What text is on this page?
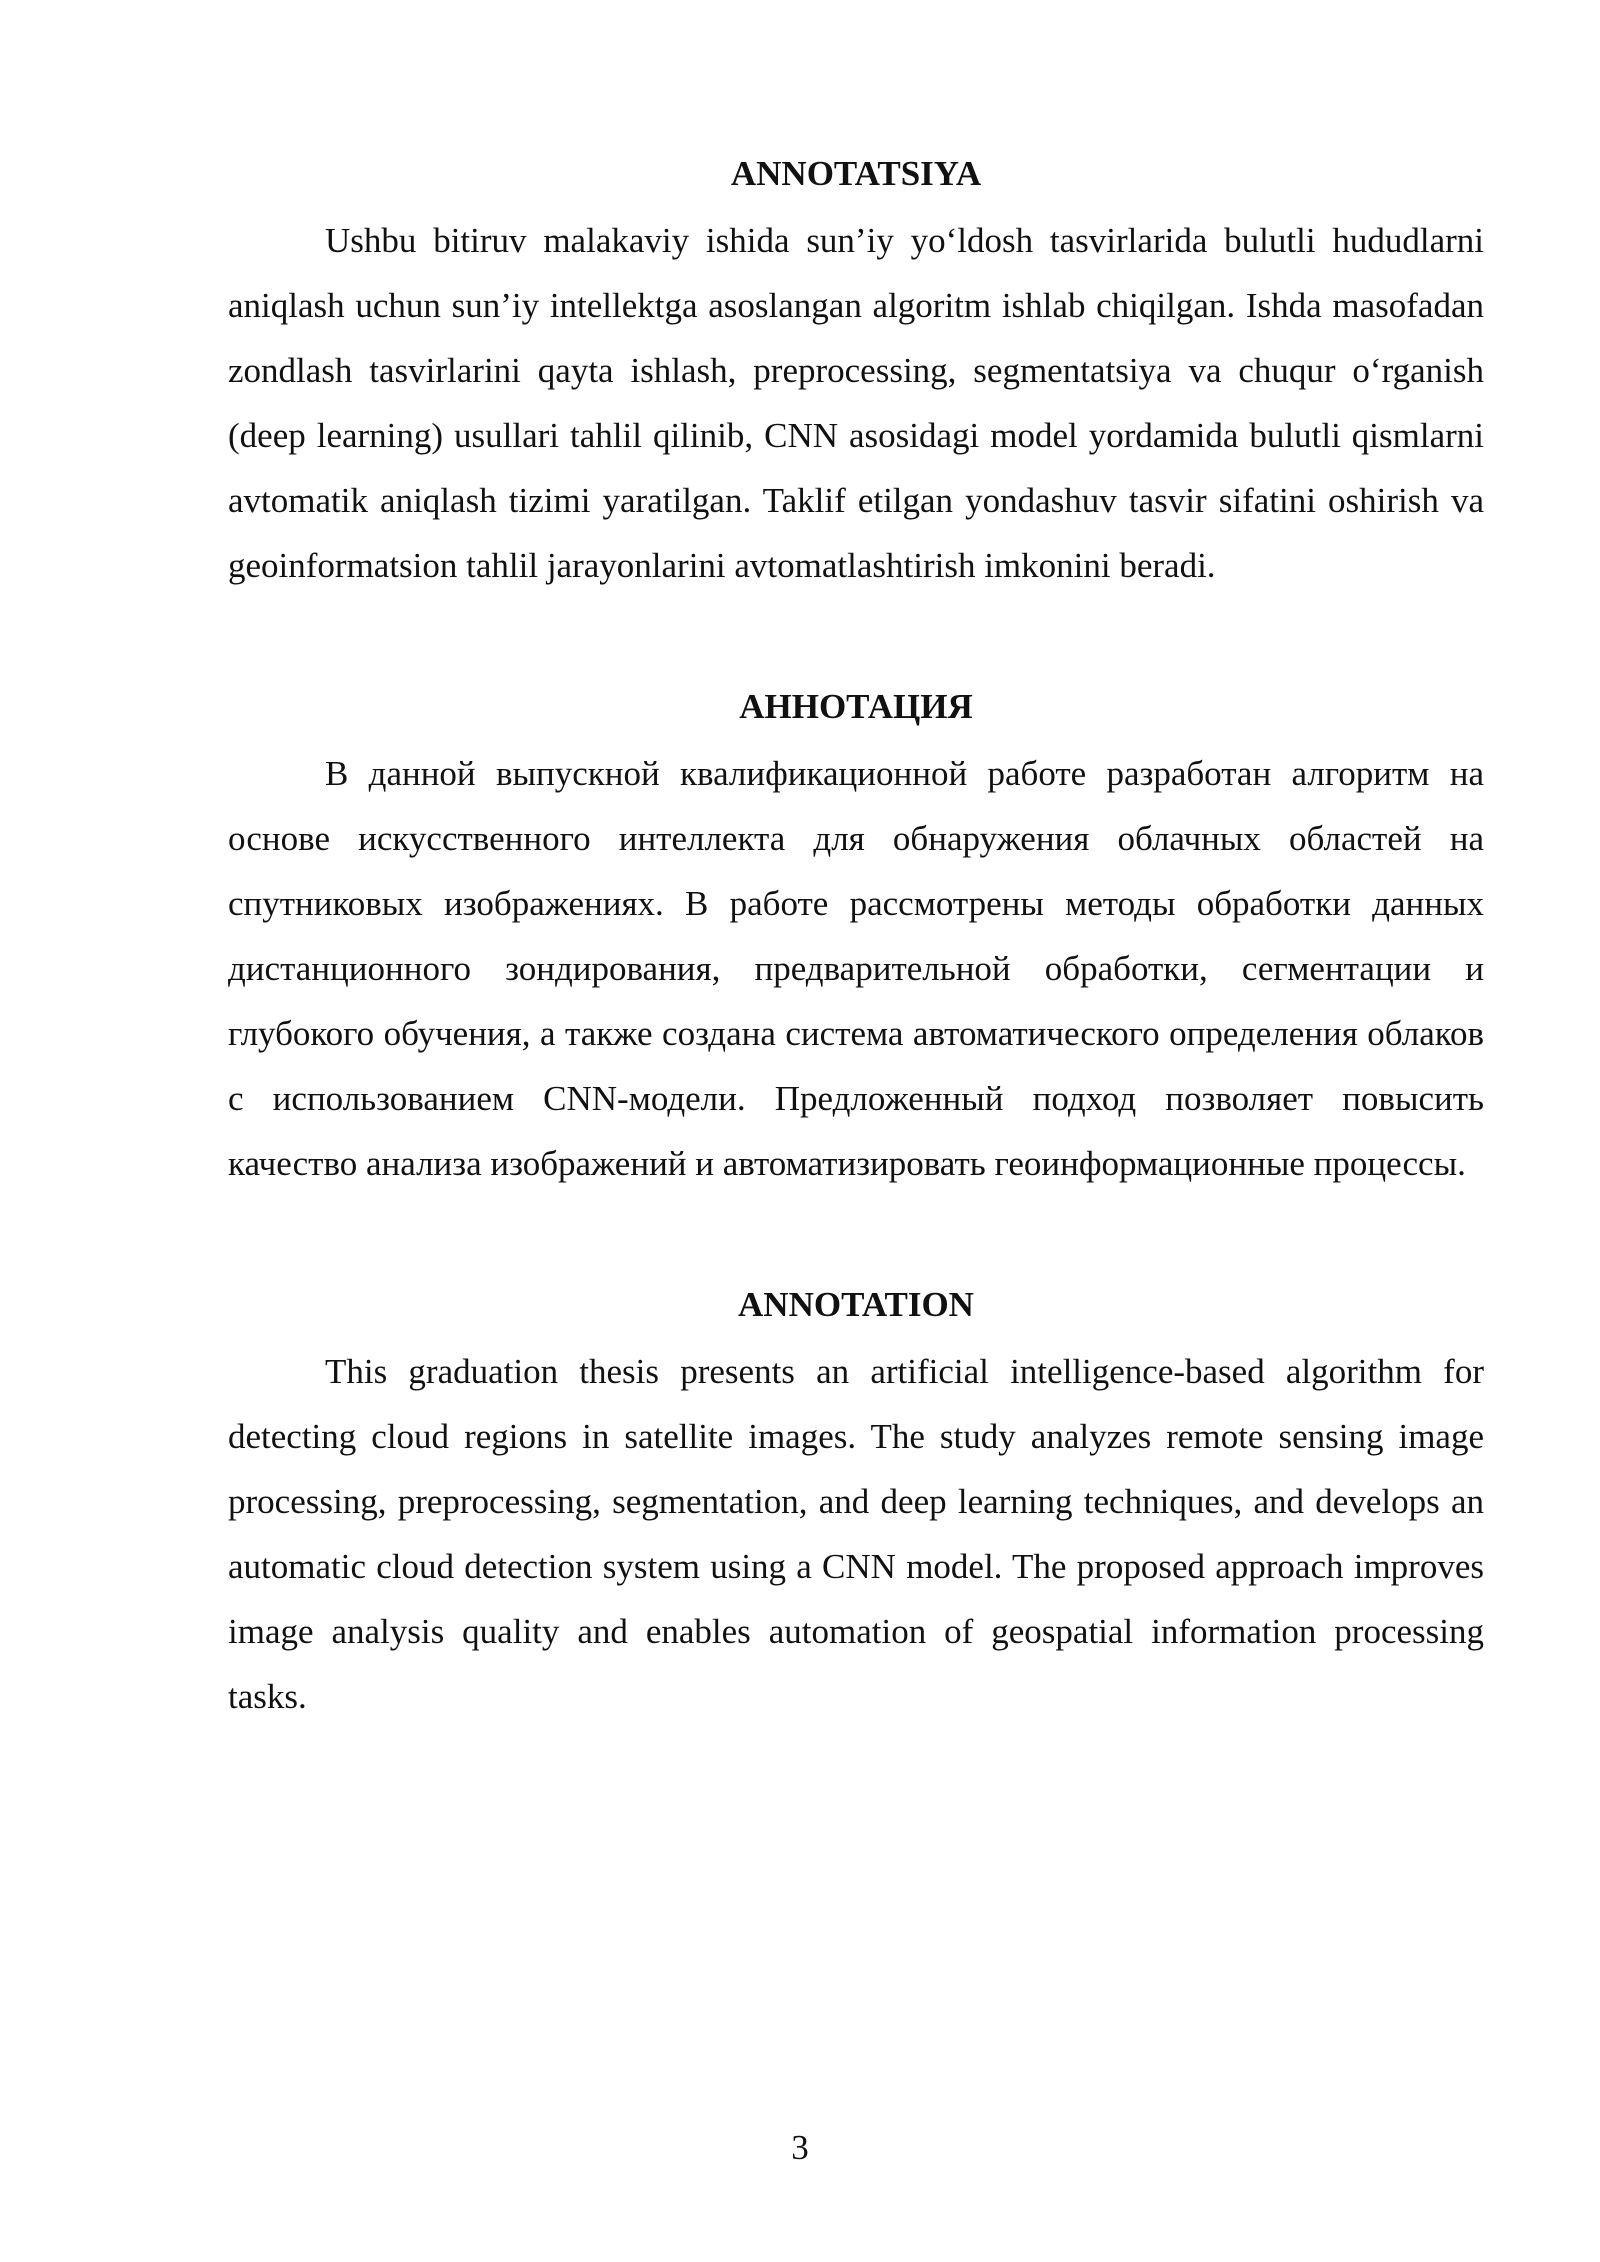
ANNOTATSIYA

Ushbu bitiruv malakaviy ishida sun’iy yo‘ldosh tasvirlarida bulutli hududlarni aniqlash uchun sun’iy intellektga asoslangan algoritm ishlab chiqilgan. Ishda masofadan zondlash tasvirlarini qayta ishlash, preprocessing, segmentatsiya va chuqur o‘rganish (deep learning) usullari tahlil qilinib, CNN asosidagi model yordamida bulutli qismlarni avtomatik aniqlash tizimi yaratilgan. Taklif etilgan yondashuv tasvir sifatini oshirish va geoinformatsion tahlil jarayonlarini avtomatlashtirish imkonini beradi.

АННОТАЦИЯ

В данной выпускной квалификационной работе разработан алгоритм на основе искусственного интеллекта для обнаружения облачных областей на спутниковых изображениях. В работе рассмотрены методы обработки данных дистанционного зондирования, предварительной обработки, сегментации и глубокого обучения, а также создана система автоматического определения облаков с использованием CNN-модели. Предложенный подход позволяет повысить качество анализа изображений и автоматизировать геоинформационные процессы.

ANNOTATION

This graduation thesis presents an artificial intelligence-based algorithm for detecting cloud regions in satellite images. The study analyzes remote sensing image processing, preprocessing, segmentation, and deep learning techniques, and develops an automatic cloud detection system using a CNN model. The proposed approach improves image analysis quality and enables automation of geospatial information processing tasks.

3
